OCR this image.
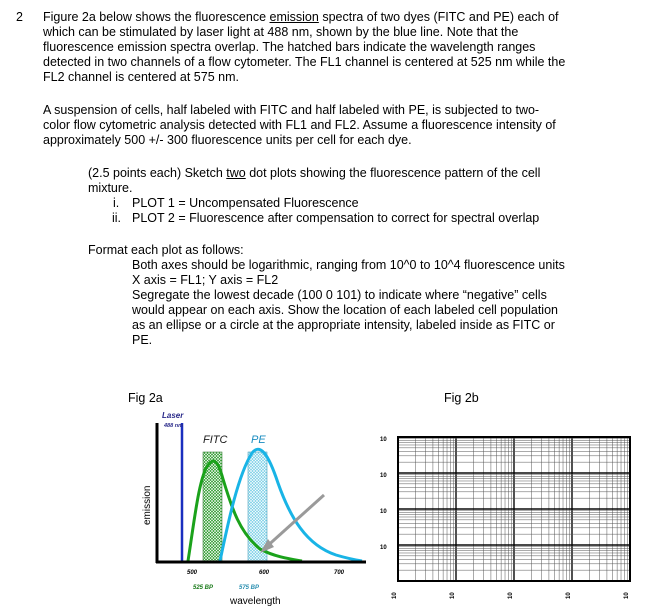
2 Figure 2a below shows the fluorescence emission spectra of two dyes (FITC and PE) each of
which can be stimulated by laser light at 488 nm, shown by the blue line. Note that the
fluorescence emission spectra overlap. The hatched bars indicate the wavelength ranges
detected in two channels of a flow cytometer. The FL1 channel is centered at 525 nm while the
FL2 channel is centered at 575 nm.
A suspension of cells, half labeled with FITC and half labeled with PE, is subjected to two-
color flow cytometric analysis detected with FL1 and FL2. Assume a fluorescence intensity of
approximately 500 +/- 300 fluorescence units per cell for each dye.
(2.5 points each) Sketch two dot plots showing the fluorescence pattern of the cell
mixture.
i. PLOT 1 = Uncompensated Fluorescence
ii. PLOT 2 = Fluorescence after compensation to correct for spectral overlap
Format each plot as follows:
Both axes should be logarithmic, ranging from 10^0 to 10^4 fluorescence units
X axis = FL1; Y axis = FL2
Segregate the lowest decade (100 0 101) to indicate where “negative” cells
would appear on each axis. Show the location of each labeled cell population
as an ellipse or a circle at the appropriate intensity, labeled inside as FITC or
PE.
Fig 2a	Fig 2b
Laser
488 nm
FITC PE
emission
500	600	700
525 BP	575 BP
wavelength
10
10
10
10
10	10	10	10	10
